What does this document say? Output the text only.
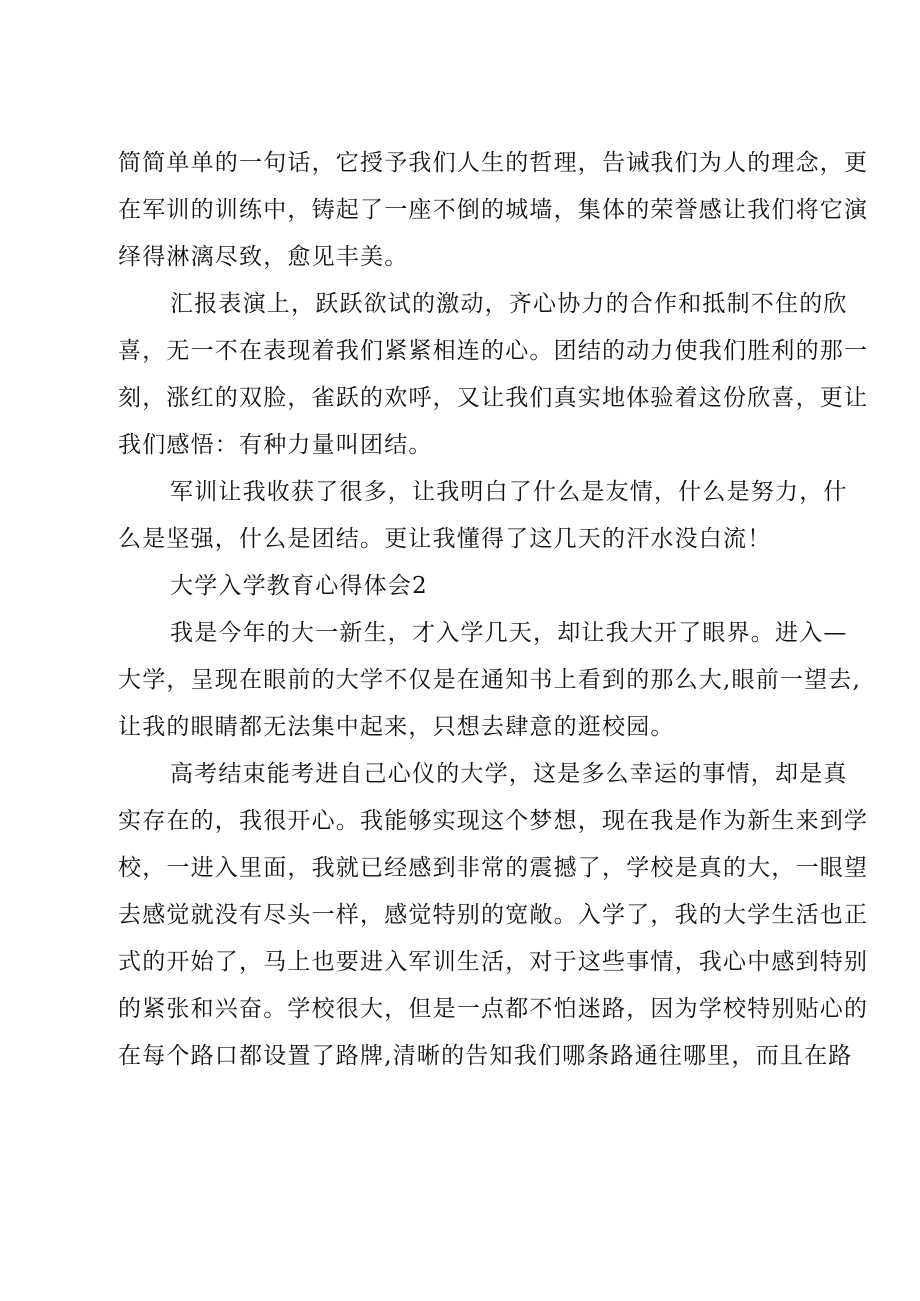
简简单单的一句话，它授予我们人生的哲理，告诫我们为人的理念，更
在军训的训练中，铸起了一座不倒的城墙，集体的荣誉感让我们将它演
绎得淋漓尽致，愈见丰美。
汇报表演上，跃跃欲试的激动，齐心协力的合作和抵制不住的欣
喜，无一不在表现着我们紧紧相连的心。团结的动力使我们胜利的那一
刻，涨红的双脸，雀跃的欢呼，又让我们真实地体验着这份欣喜，更让
我们感悟：有种力量叫团结。
军训让我收获了很多，让我明白了什么是友情，什么是努力，什
么是坚强，什么是团结。更让我懂得了这几天的汗水没白流！
大学入学教育心得体会2
我是今年的大一新生，才入学几天，却让我大开了眼界。进入—
大学，呈现在眼前的大学不仅是在通知书上看到的那么大,眼前一望去,
让我的眼睛都无法集中起来，只想去肆意的逛校园。
高考结束能考进自己心仪的大学，这是多么幸运的事情，却是真
实存在的，我很开心。我能够实现这个梦想，现在我是作为新生来到学
校，一进入里面，我就已经感到非常的震撼了，学校是真的大，一眼望
去感觉就没有尽头一样，感觉特别的宽敞。入学了，我的大学生活也正
式的开始了，马上也要进入军训生活，对于这些事情，我心中感到特别
的紧张和兴奋。学校很大，但是一点都不怕迷路，因为学校特别贴心的
在每个路口都设置了路牌,清晰的告知我们哪条路通往哪里，而且在路
